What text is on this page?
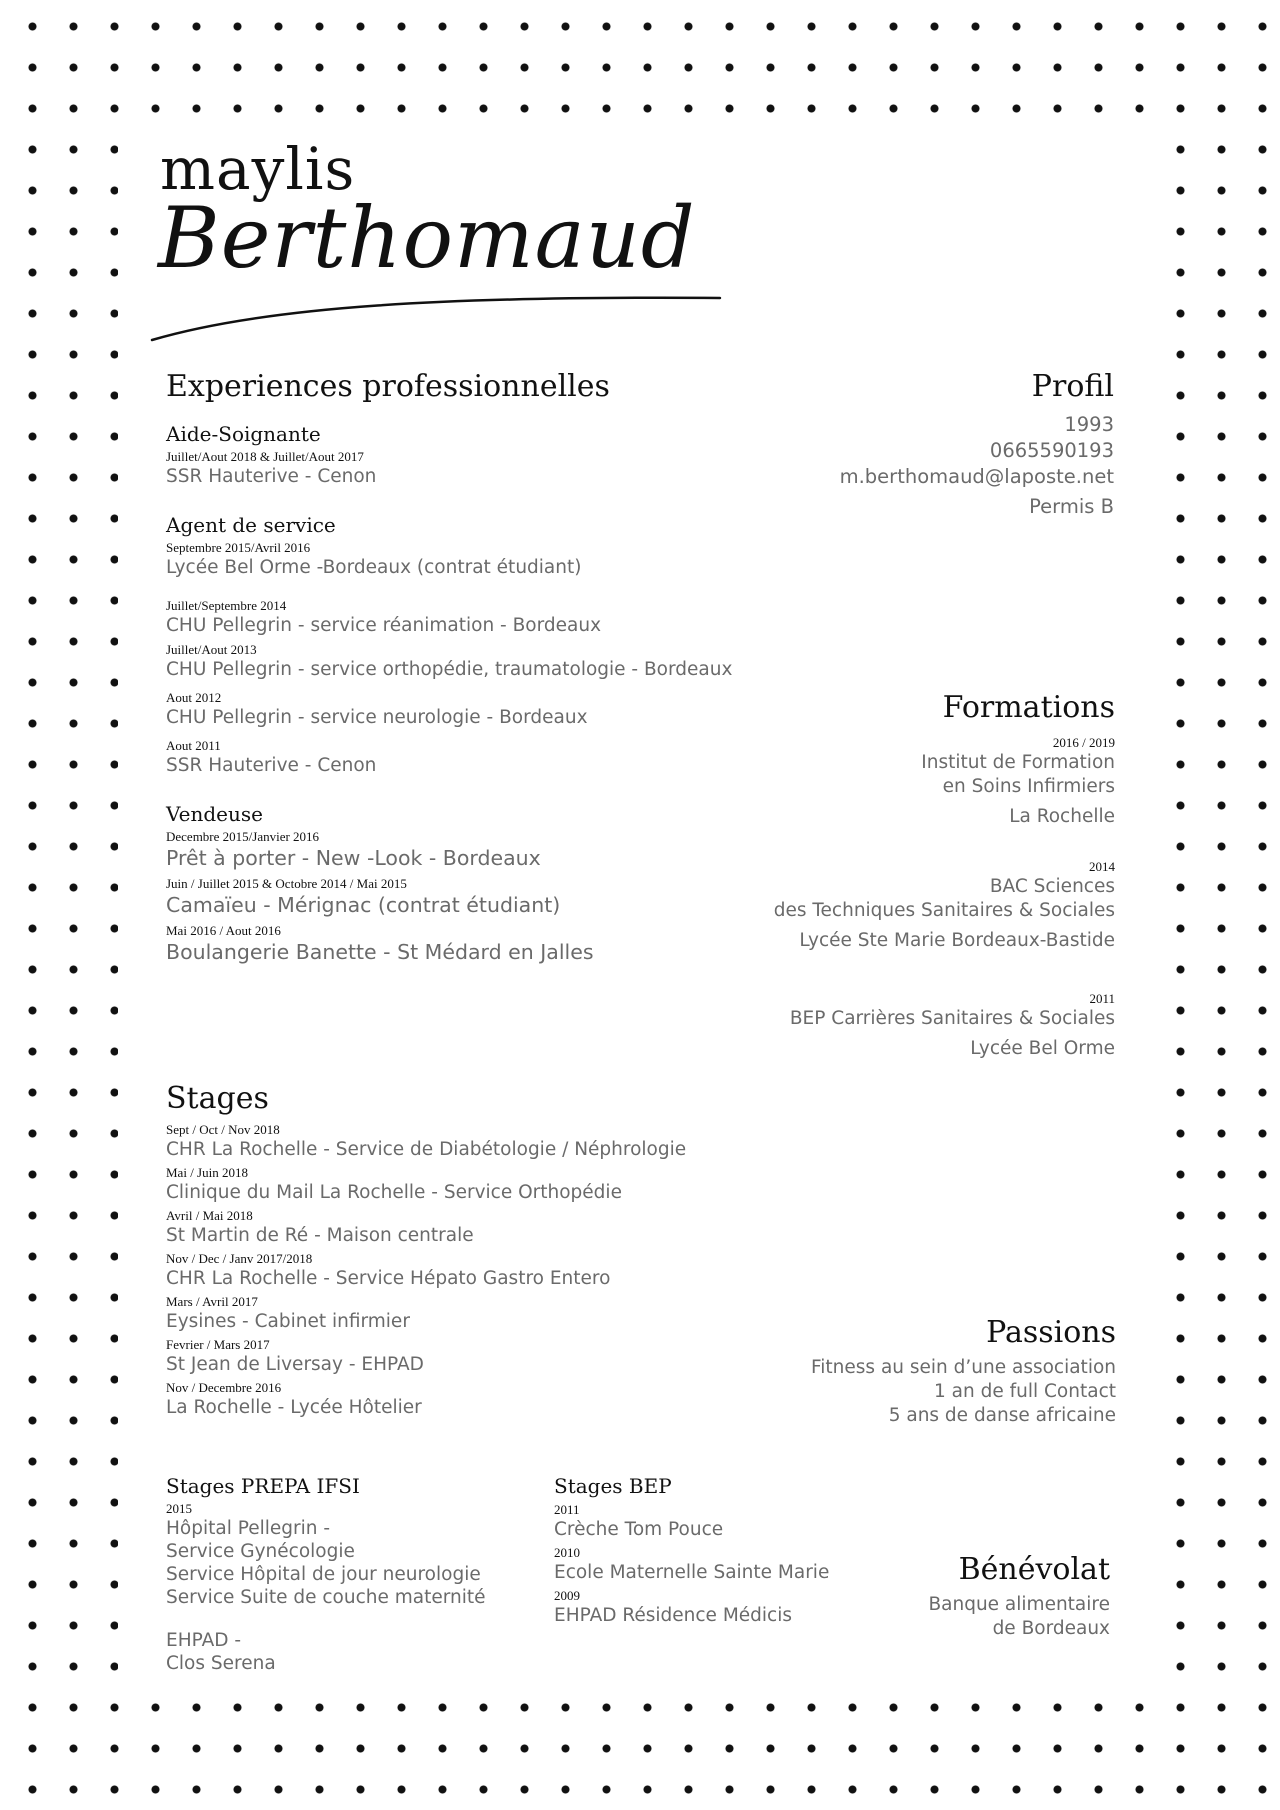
maylis
Berthomaud
Experiences professionnelles
Aide-Soignante
Juillet/Aout 2018 & Juillet/Aout 2017
SSR Hauterive - Cenon
Agent de service
Septembre 2015/Avril 2016
Lycée Bel Orme -Bordeaux (contrat étudiant)
Juillet/Septembre 2014
CHU Pellegrin - service réanimation - Bordeaux
Juillet/Aout 2013
CHU Pellegrin - service orthopédie, traumatologie - Bordeaux
Aout 2012
CHU Pellegrin - service neurologie - Bordeaux
Aout 2011
SSR Hauterive - Cenon
Vendeuse
Decembre 2015/Janvier 2016
Prêt à porter - New -Look - Bordeaux
Juin / Juillet 2015 & Octobre 2014 / Mai 2015
Camaïeu - Mérignac (contrat étudiant)
Mai 2016 / Aout 2016
Boulangerie Banette - St Médard en Jalles
Stages
Sept / Oct / Nov 2018
CHR La Rochelle - Service de Diabétologie / Néphrologie
Mai / Juin 2018
Clinique du Mail La Rochelle - Service Orthopédie
Avril / Mai 2018
St Martin de Ré - Maison centrale
Nov / Dec / Janv 2017/2018
CHR La Rochelle - Service Hépato Gastro Entero
Mars / Avril 2017
Eysines - Cabinet infirmier
Fevrier / Mars 2017
St Jean de Liversay - EHPAD
Nov / Decembre 2016
La Rochelle - Lycée Hôtelier
Stages PREPA IFSI
2015
Hôpital Pellegrin -
Service Gynécologie
Service Hôpital de jour neurologie
Service Suite de couche maternité
EHPAD -
Clos Serena
Stages BEP
2011
Crèche Tom Pouce
2010
Ecole Maternelle Sainte Marie
2009
EHPAD Résidence Médicis
Profil
1993
0665590193
m.berthomaud@laposte.net
Permis B
Formations
2016 / 2019
Institut de Formation
en Soins Infirmiers
La Rochelle
2014
BAC Sciences
des Techniques Sanitaires & Sociales
Lycée Ste Marie Bordeaux-Bastide
2011
BEP Carrières Sanitaires & Sociales
Lycée Bel Orme
Passions
Fitness au sein d’une association
1 an de full Contact
5 ans de danse africaine
Bénévolat
Banque alimentaire
de Bordeaux
